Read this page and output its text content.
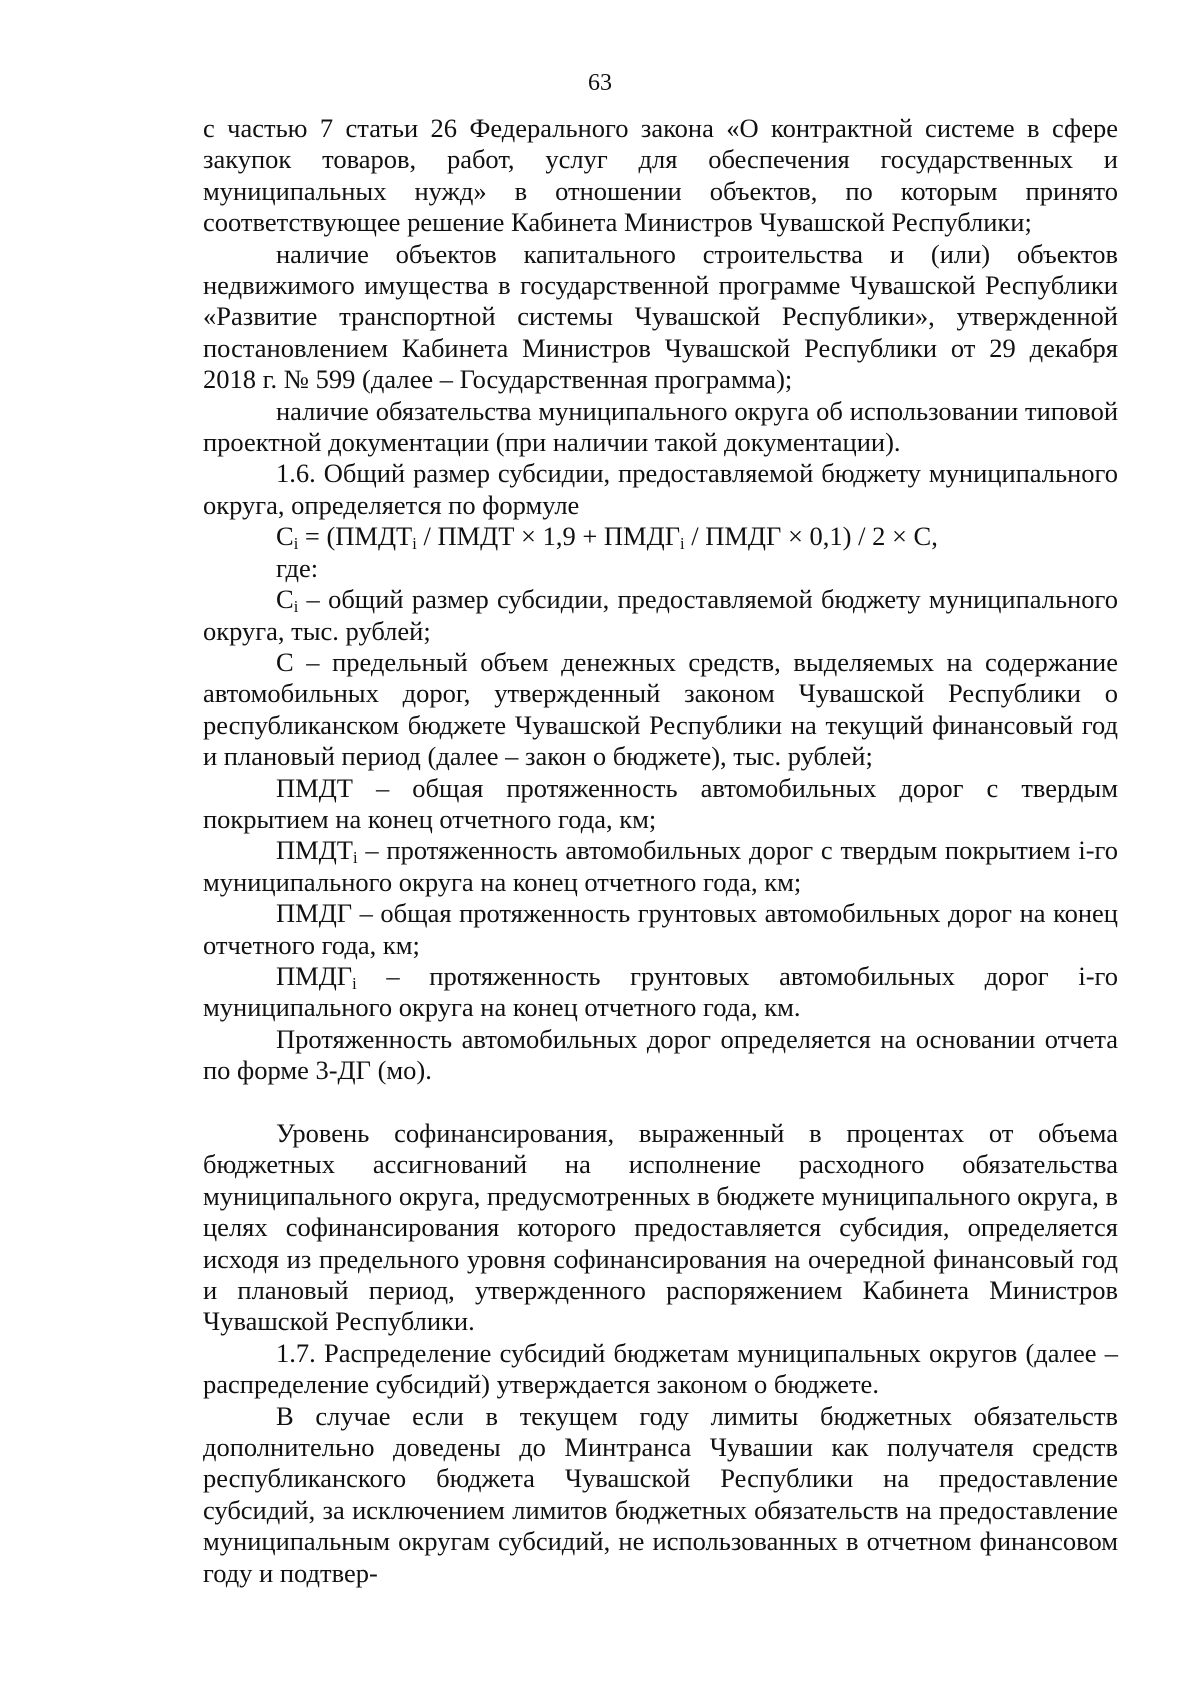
63

с частью 7 статьи 26 Федерального закона «О контрактной системе в сфере закупок товаров, работ, услуг для обеспечения государственных и муниципальных нужд» в отношении объектов, по которым принято соответствующее решение Кабинета Министров Чувашской Республики;

наличие объектов капитального строительства и (или) объектов недвижимого имущества в государственной программе Чувашской Республики «Развитие транспортной системы Чувашской Республики», утвержденной постановлением Кабинета Министров Чувашской Республики от 29 декабря 2018 г. № 599 (далее – Государственная программа);

наличие обязательства муниципального округа об использовании типовой проектной документации (при наличии такой документации).

1.6. Общий размер субсидии, предоставляемой бюджету муниципального округа, определяется по формуле

$C_i$ = ($ПМДТ_i$ / ПМДТ × $1,9 + ПМДГ_i$ / ПМДГ × 0,1) / 2 × C,

где:

$C_i$ – общий размер субсидии, предоставляемой бюджету муниципального округа, тыс. рублей;

C – предельный объем денежных средств, выделяемых на содержание автомобильных дорог, утвержденный законом Чувашской Республики о республиканском бюджете Чувашской Республики на текущий финансовый год и плановый период (далее – закон о бюджете), тыс. рублей;

ПМДТ – общая протяженность автомобильных дорог с твердым покрытием на конец отчетного года, км;

$ПМДТ_i$ – протяженность автомобильных дорог с твердым покрытием i-го муниципального округа на конец отчетного года, км;

ПМДГ – общая протяженность грунтовых автомобильных дорог на конец отчетного года, км;

$ПМДГ_i$ – протяженность грунтовых автомобильных дорог i-го муниципального округа на конец отчетного года, км.

Протяженность автомобильных дорог определяется на основании отчета по форме 3-ДГ (мо).

Уровень софинансирования, выраженный в процентах от объема бюджетных ассигнований на исполнение расходного обязательства муниципального округа, предусмотренных в бюджете муниципального округа, в целях софинансирования которого предоставляется субсидия, определяется исходя из предельного уровня софинансирования на очередной финансовый год и плановый период, утвержденного распоряжением Кабинета Министров Чувашской Республики.

1.7. Распределение субсидий бюджетам муниципальных округов (далее – распределение субсидий) утверждается законом о бюджете.

В случае если в текущем году лимиты бюджетных обязательств дополнительно доведены до Минтранса Чувашии как получателя средств республиканского бюджета Чувашской Республики на предоставление субсидий, за исключением лимитов бюджетных обязательств на предоставление муниципальным округам субсидий, не использованных в отчетном финансовом году и подтвер-
